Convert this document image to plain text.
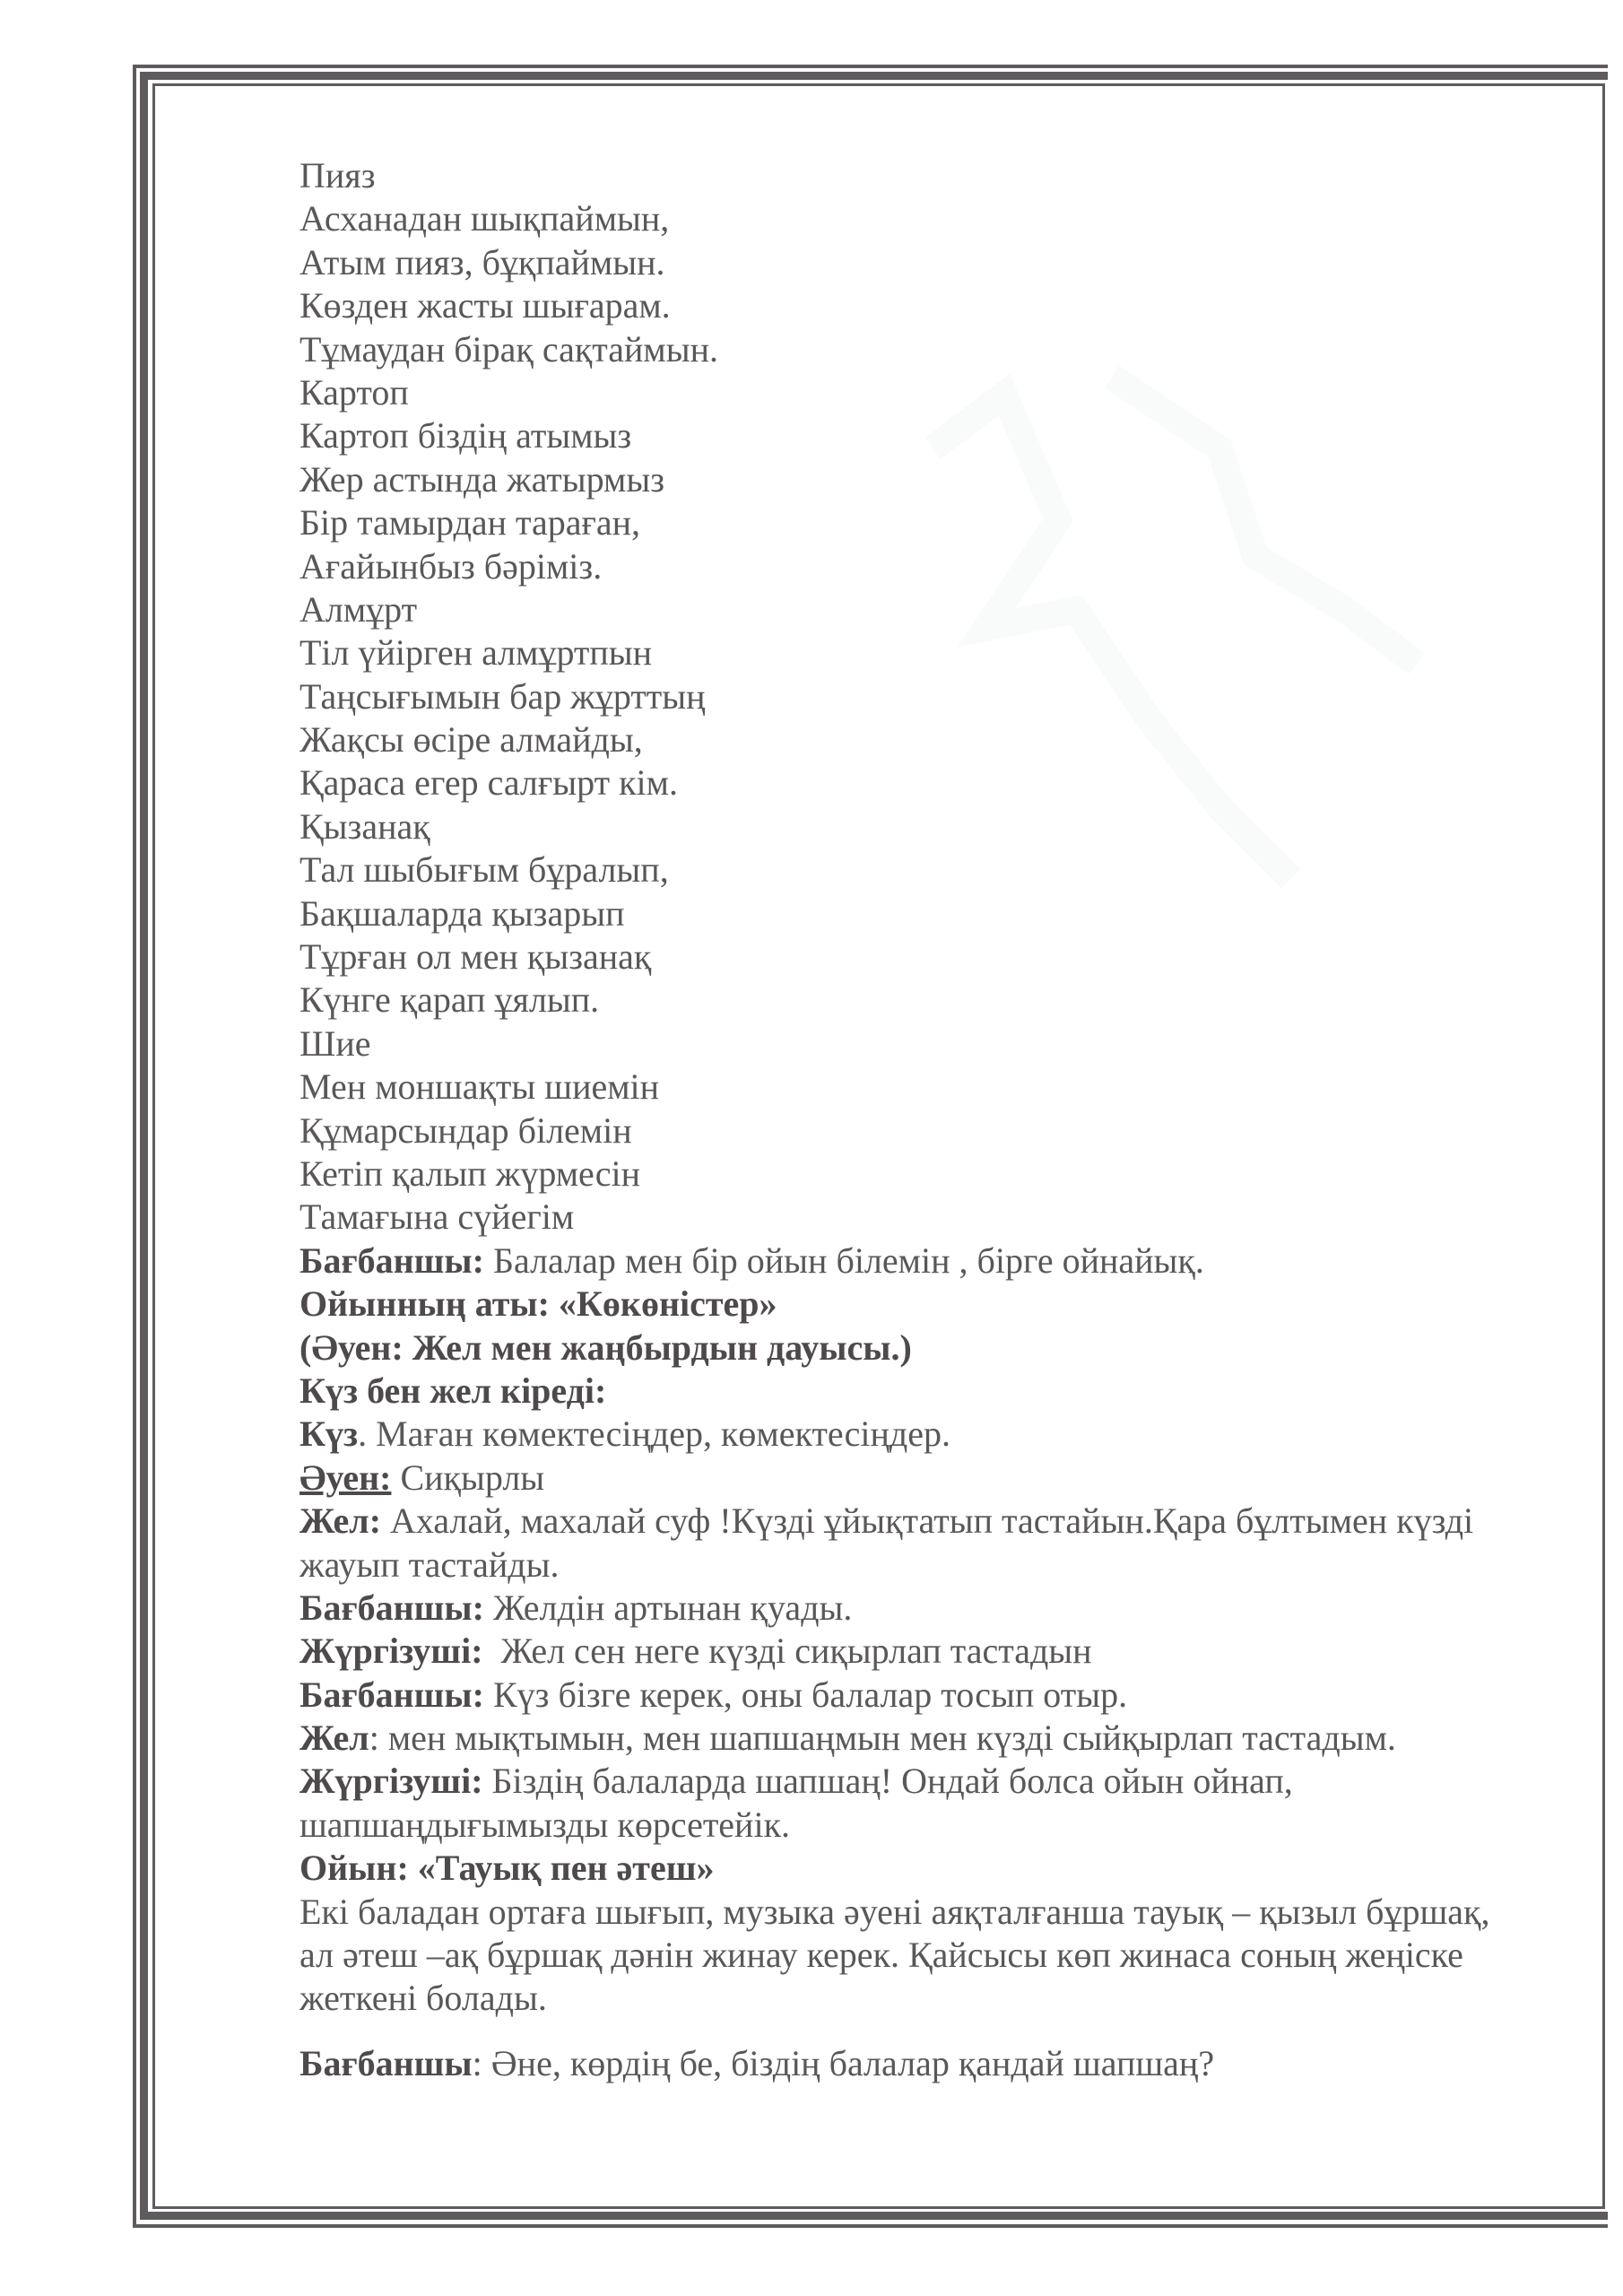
Пияз
Асханадан шықпаймын,
Атым пияз, бұқпаймын.
Көзден жасты шығарам.
Тұмаудан бірақ сақтаймын.
Картоп
Картоп біздің атымыз
Жер астында жатырмыз
Бір тамырдан тараған,
Ағайынбыз бәріміз.
Алмұрт
Тіл үйірген алмұртпын
Таңсығымын бар жұрттың
Жақсы өсіре алмайды,
Қараса егер салғырт кім.
Қызанақ
Тал шыбығым бұралып,
Бақшаларда қызарып
Тұрған ол мен қызанақ
Күнге қарап ұялып.
Шие
Мен моншақты шиемін
Құмарсындар білемін
Кетіп қалып жүрмесін
Тамағына сүйегім
Бағбаншы: Балалар мен бір ойын білемін , бірге ойнайық.
Ойынның аты: «Көкөністер»
(Әуен: Жел мен жаңбырдын дауысы.)
Күз бен жел кіреді:
Күз. Маған көмектесіңдер, көмектесіңдер.
Әуен: Сиқырлы
Жел: Ахалай, махалай суф !Күзді ұйықтатып тастайын.Қара бұлтымен күзді
жауып тастайды.
Бағбаншы: Желдін артынан қуады.
Жүргізуші:  Жел сен неге күзді сиқырлап тастадын
Бағбаншы: Күз бізге керек, оны балалар тосып отыр.
Жел: мен мықтымын, мен шапшаңмын мен күзді сыйқырлап тастадым.
Жүргізуші: Біздің балаларда шапшаң! Ондай болса ойын ойнап,
шапшаңдығымызды көрсетейік.
Ойын: «Тауық пен әтеш»
Екі баладан ортаға шығып, музыка әуені аяқталғанша тауық – қызыл бұршақ,
ал әтеш –ақ бұршақ дәнін жинау керек. Қайсысы көп жинаса соның жеңіске
жеткені болады.
Бағбаншы: Әне, көрдің бе, біздің балалар қандай шапшаң?
